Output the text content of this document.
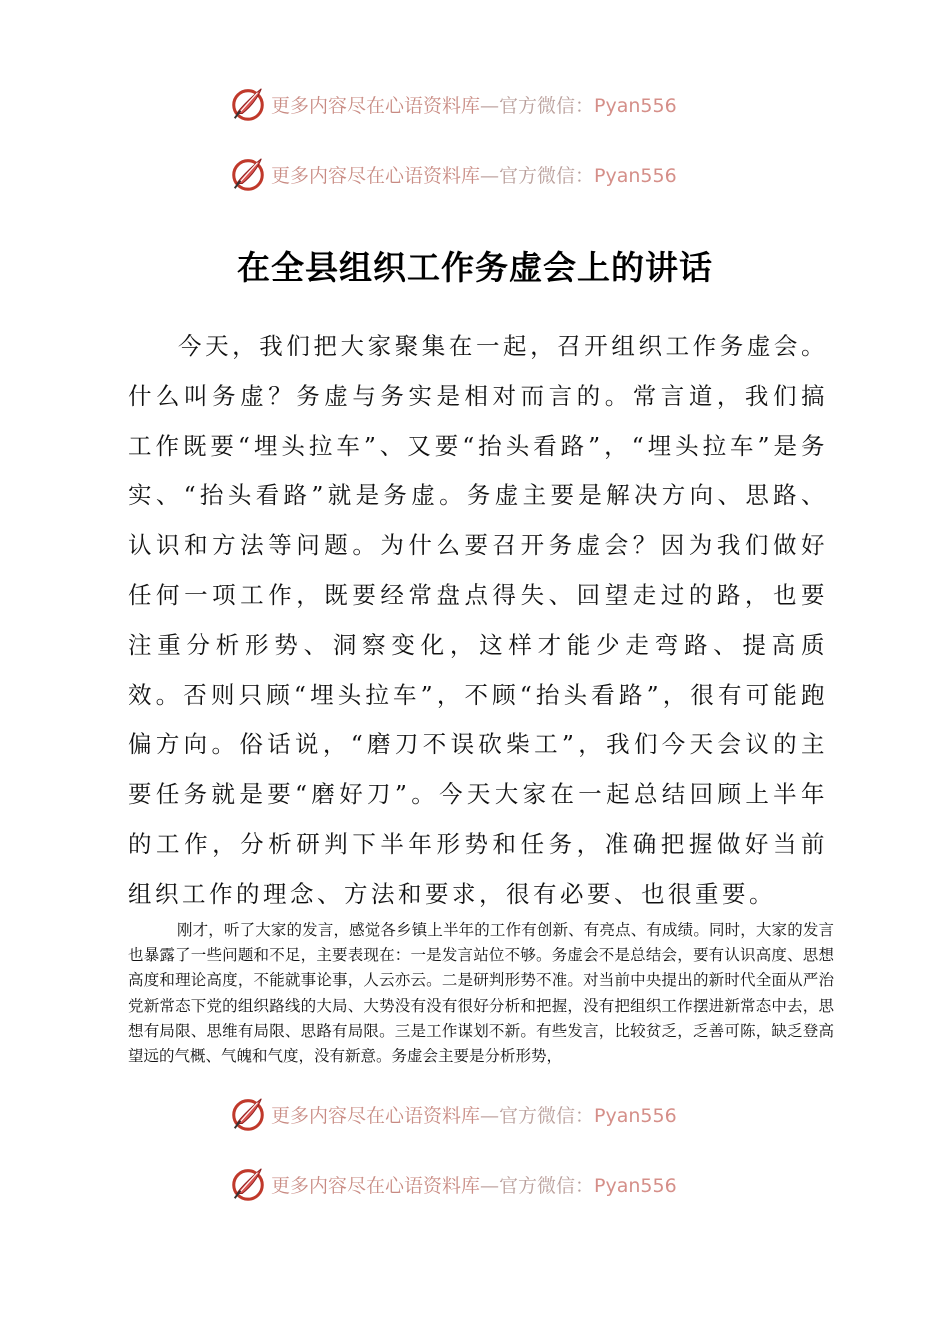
更多内容尽在心语资料库—官方微信：Pyan556
更多内容尽在心语资料库—官方微信：Pyan556
在全县组织工作务虚会上的讲话

今天，我们把大家聚集在一起，召开组织工作务虚会。什么叫务虚？务虚与务实是相对而言的。常言道，我们搞工作既要“埋头拉车”、又要“抬头看路”，“埋头拉车”是务实、“抬头看路”就是务虚。务虚主要是解决方向、思路、认识和方法等问题。为什么要召开务虚会？因为我们做好任何一项工作，既要经常盘点得失、回望走过的路，也要注重分析形势、洞察变化，这样才能少走弯路、提高质效。否则只顾“埋头拉车”，不顾“抬头看路”，很有可能跑偏方向。俗话说，“磨刀不误砍柴工”，我们今天会议的主要任务就是要“磨好刀”。今天大家在一起总结回顾上半年的工作，分析研判下半年形势和任务，准确把握做好当前组织工作的理念、方法和要求，很有必要、也很重要。

刚才，听了大家的发言，感觉各乡镇上半年的工作有创新、有亮点、有成绩。同时，大家的发言也暴露了一些问题和不足，主要表现在：一是发言站位不够。务虚会不是总结会，要有认识高度、思想高度和理论高度，不能就事论事，人云亦云。二是研判形势不准。对当前中央提出的新时代全面从严治党新常态下党的组织路线的大局、大势没有没有很好分析和把握，没有把组织工作摆进新常态中去，思想有局限、思维有局限、思路有局限。三是工作谋划不新。有些发言，比较贫乏，乏善可陈，缺乏登高望远的气概、气魄和气度，没有新意。务虚会主要是分析形势，

更多内容尽在心语资料库—官方微信：Pyan556
更多内容尽在心语资料库—官方微信：Pyan556
